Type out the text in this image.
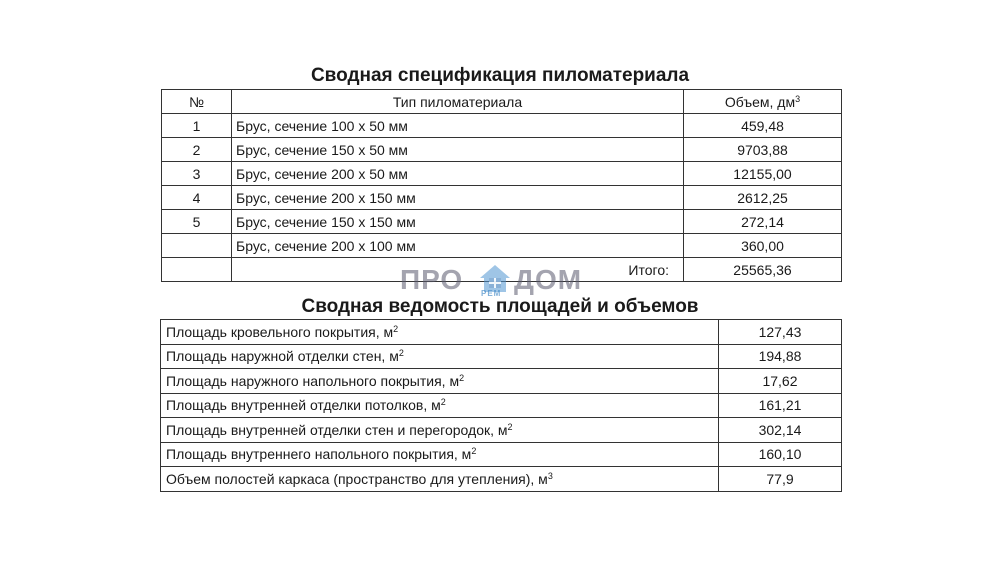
Сводная спецификация пиломатериала
№	Тип пиломатериала	Объем, $дм^3$
1	Брус, сечение 100 х 50 мм	459,48
2	Брус, сечение 150 х 50 мм	9703,88
3	Брус, сечение 200 х 50 мм	12155,00
4	Брус, сечение 200 х 150 мм	2612,25
5	Брус, сечение 150 х 150 мм	272,14
	Брус, сечение 200 х 100 мм	360,00
	Итого:	25565,36
ПРО РЕМ ДОМ
Сводная ведомость площадей и объемов
Площадь кровельного покрытия, $м^2$	127,43
Площадь наружной отделки стен, $м^2$	194,88
Площадь наружного напольного покрытия, $м^2$	17,62
Площадь внутренней отделки потолков, $м^2$	161,21
Площадь внутренней отделки стен и перегородок, $м^2$	302,14
Площадь внутреннего напольного покрытия, $м^2$	160,10
Объем полостей каркаса (пространство для утепления), $м^3$	77,9
